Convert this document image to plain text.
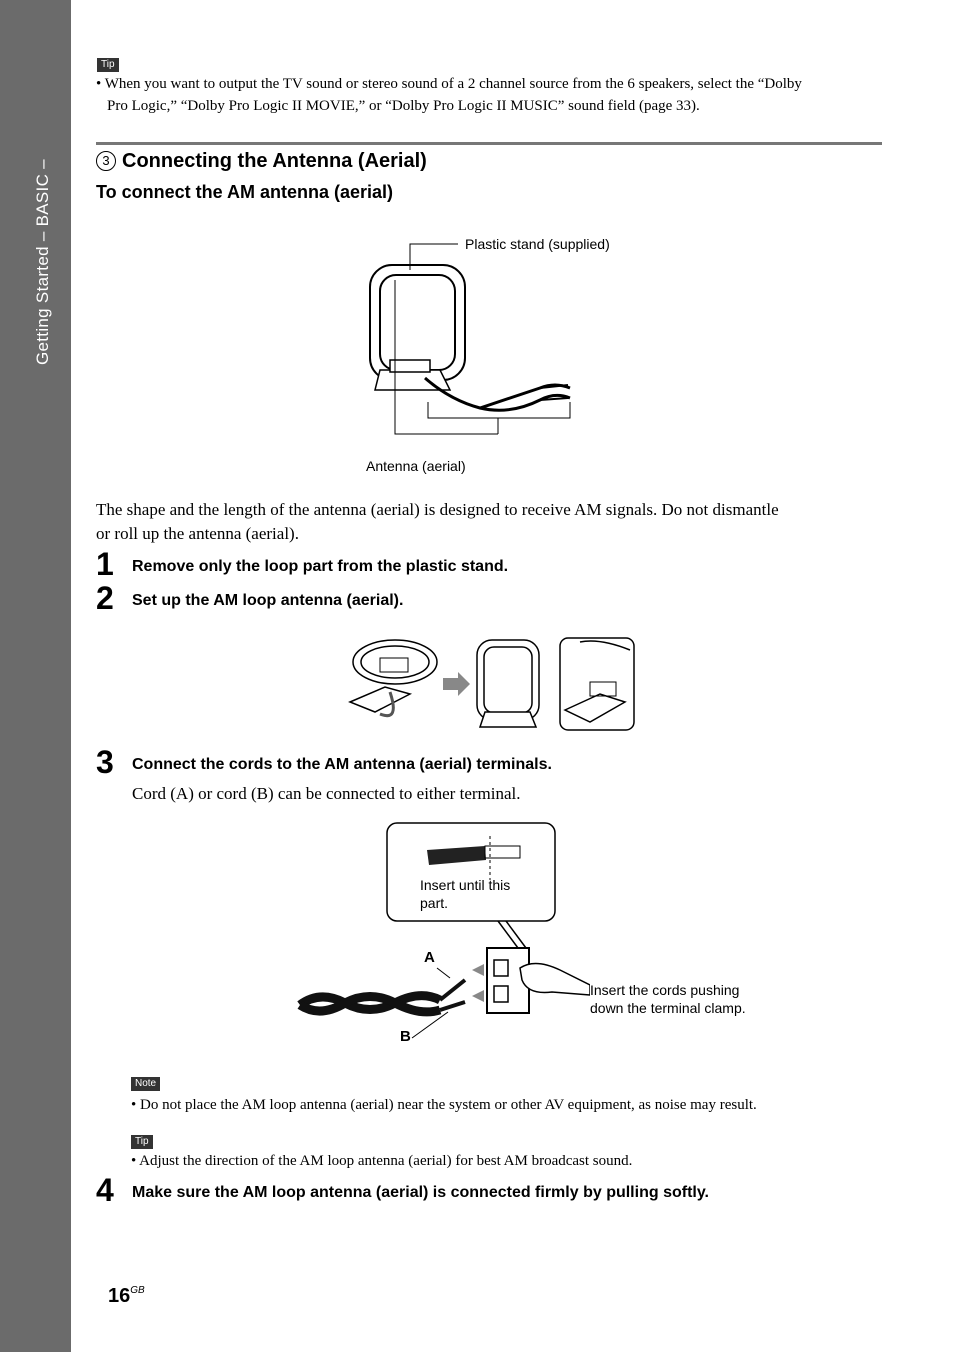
Getting Started – BASIC –
Tip
• When you want to output the TV sound or stereo sound of a 2 channel source from the 6 speakers, select the “Dolby
Pro Logic,” “Dolby Pro Logic II MOVIE,” or “Dolby Pro Logic II MUSIC” sound field (page 33).
3 Connecting the Antenna (Aerial)
To connect the AM antenna (aerial)
Plastic stand (supplied)
Antenna (aerial)
The shape and the length of the antenna (aerial) is designed to receive AM signals. Do not dismantle
or roll up the antenna (aerial).
1 Remove only the loop part from the plastic stand.
2 Set up the AM loop antenna (aerial).
3 Connect the cords to the AM antenna (aerial) terminals.
Cord (A) or cord (B) can be connected to either terminal.
Insert until this
part.
A
B
Insert the cords pushing
down the terminal clamp.
Note
• Do not place the AM loop antenna (aerial) near the system or other AV equipment, as noise may result.
Tip
• Adjust the direction of the AM loop antenna (aerial) for best AM broadcast sound.
4 Make sure the AM loop antenna (aerial) is connected firmly by pulling softly.
$16^{GB}$
